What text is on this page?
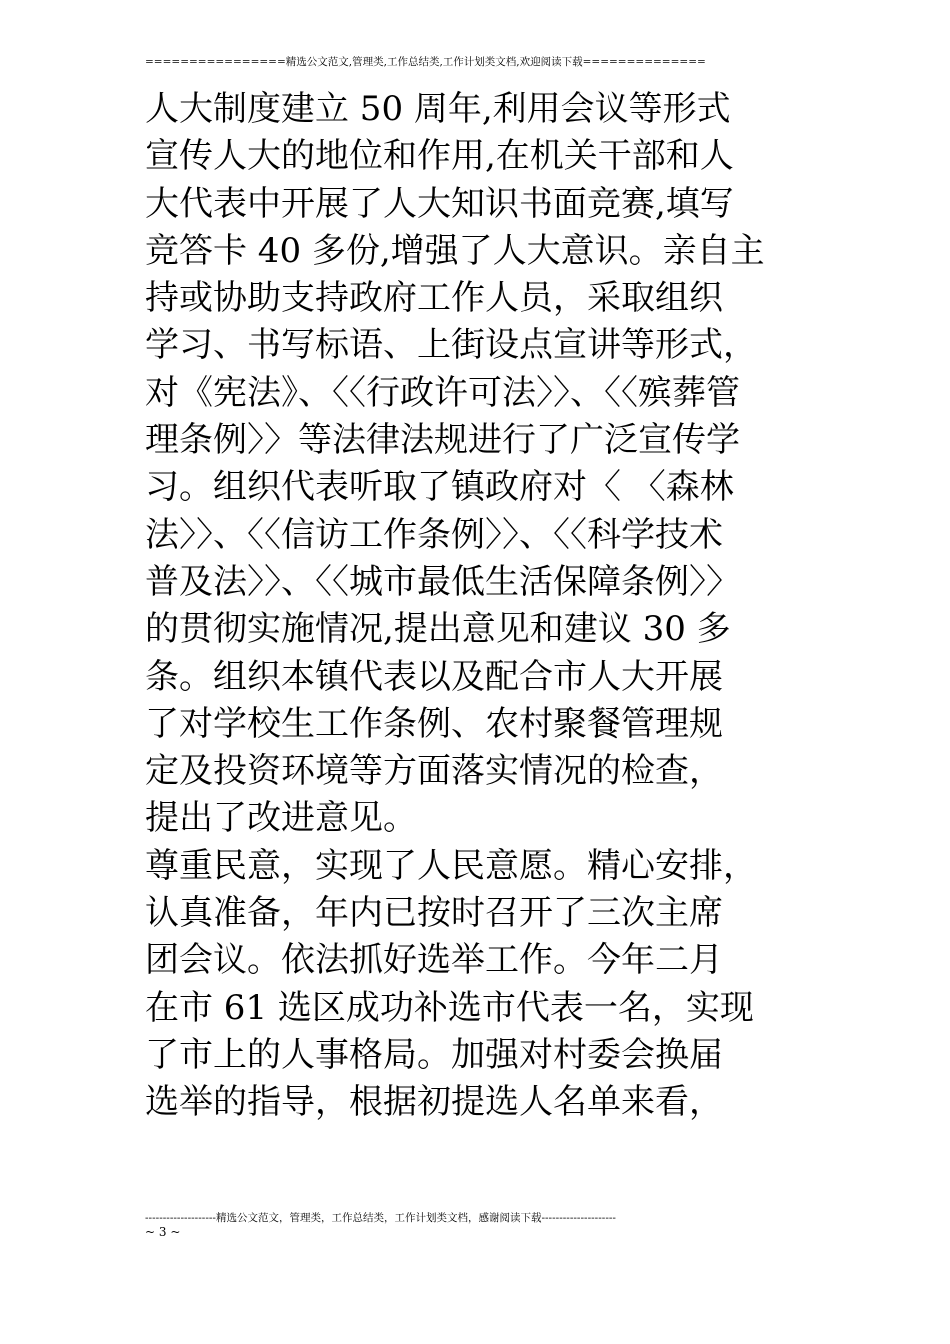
================精选公文范文,管理类,工作总结类,工作计划类文档,欢迎阅读下载==============
人大制度建立 50 周年,利用会议等形式
宣传人大的地位和作用,在机关干部和人
大代表中开展了人大知识书面竞赛,填写
竞答卡 40 多份,增强了人大意识。亲自主
持或协助支持政府工作人员，采取组织
学习、书写标语、上街设点宣讲等形式，
对《宪法》、〈〈行政许可法〉〉、〈〈殡葬管
理条例〉〉等法律法规进行了广泛宣传学
习。组织代表听取了镇政府对〈 〈森林
法〉〉、〈〈信访工作条例〉〉、〈〈科学技术
普及法〉〉、〈〈城市最低生活保障条例〉〉
的贯彻实施情况,提出意见和建议 30 多
条。组织本镇代表以及配合市人大开展
了对学校生工作条例、农村聚餐管理规
定及投资环境等方面落实情况的检查，
提出了改进意见。
尊重民意，实现了人民意愿。精心安排，
认真准备，年内已按时召开了三次主席
团会议。依法抓好选举工作。今年二月
在市 61 选区成功补选市代表一名，实现
了市上的人事格局。加强对村委会换届
选举的指导，根据初提选人名单来看，
--------------------精选公文范文，管理类，工作总结类，工作计划类文档，感谢阅读下载---------------------
~ 3 ~
